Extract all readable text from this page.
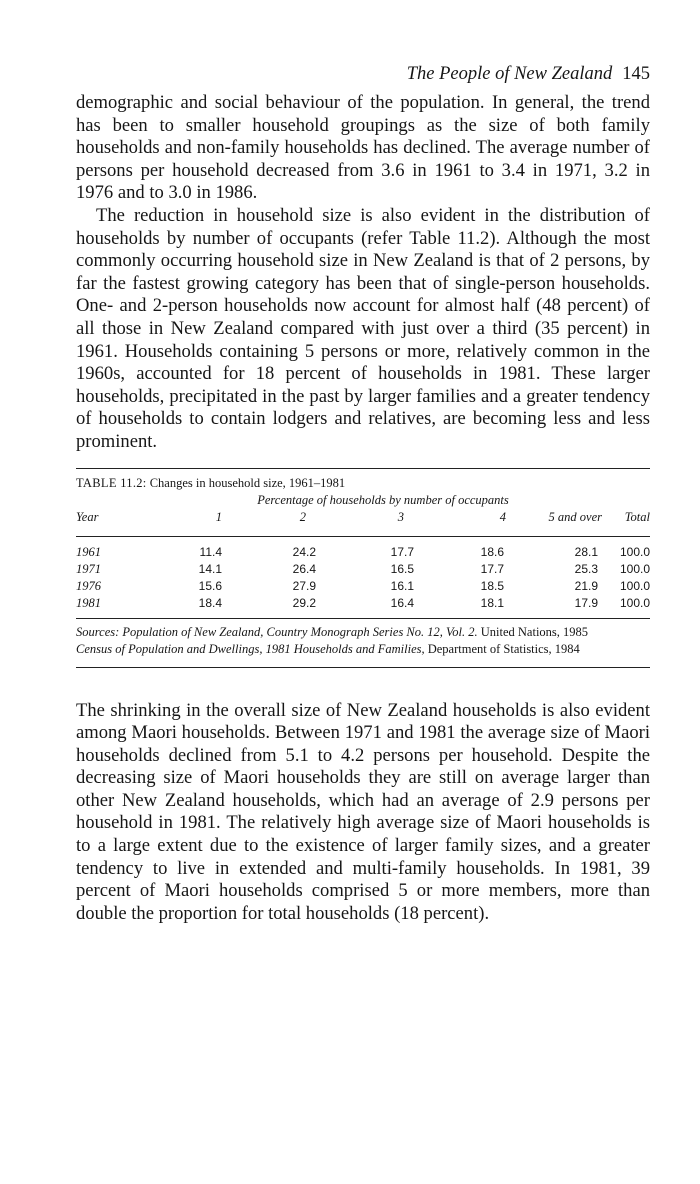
The People of New Zealand 145

demographic and social behaviour of the population. In general, the trend has been to smaller household groupings as the size of both family households and non-family households has declined. The average number of persons per household decreased from 3.6 in 1961 to 3.4 in 1971, 3.2 in 1976 and to 3.0 in 1986.

The reduction in household size is also evident in the distribution of households by number of occupants (refer Table 11.2). Although the most commonly occurring household size in New Zealand is that of 2 persons, by far the fastest growing category has been that of single-person households. One- and 2-person households now account for almost half (48 percent) of all those in New Zealand compared with just over a third (35 percent) in 1961. Households containing 5 persons or more, relatively common in the 1960s, accounted for 18 percent of households in 1981. These larger households, precipitated in the past by larger families and a greater tendency of households to contain lodgers and relatives, are becoming less and less prominent.

TABLE 11.2: Changes in household size, 1961–1981
Percentage of households by number of occupants
Year	1	2	3	4	5 and over	Total

1961	11.4	24.2	17.7	18.6	28.1	100.0
1971	14.1	26.4	16.5	17.7	25.3	100.0
1976	15.6	27.9	16.1	18.5	21.9	100.0
1981	18.4	29.2	16.4	18.1	17.9	100.0
Sources: Population of New Zealand, Country Monograph Series No. 12, Vol. 2. United Nations, 1985
Census of Population and Dwellings, 1981 Households and Families, Department of Statistics, 1984

The shrinking in the overall size of New Zealand households is also evident among Maori households. Between 1971 and 1981 the average size of Maori households declined from 5.1 to 4.2 persons per household. Despite the decreasing size of Maori households they are still on average larger than other New Zealand households, which had an average of 2.9 persons per household in 1981. The relatively high average size of Maori households is to a large extent due to the existence of larger family sizes, and a greater tendency to live in extended and multi-family households. In 1981, 39 percent of Maori households comprised 5 or more members, more than double the proportion for total households (18 percent).
